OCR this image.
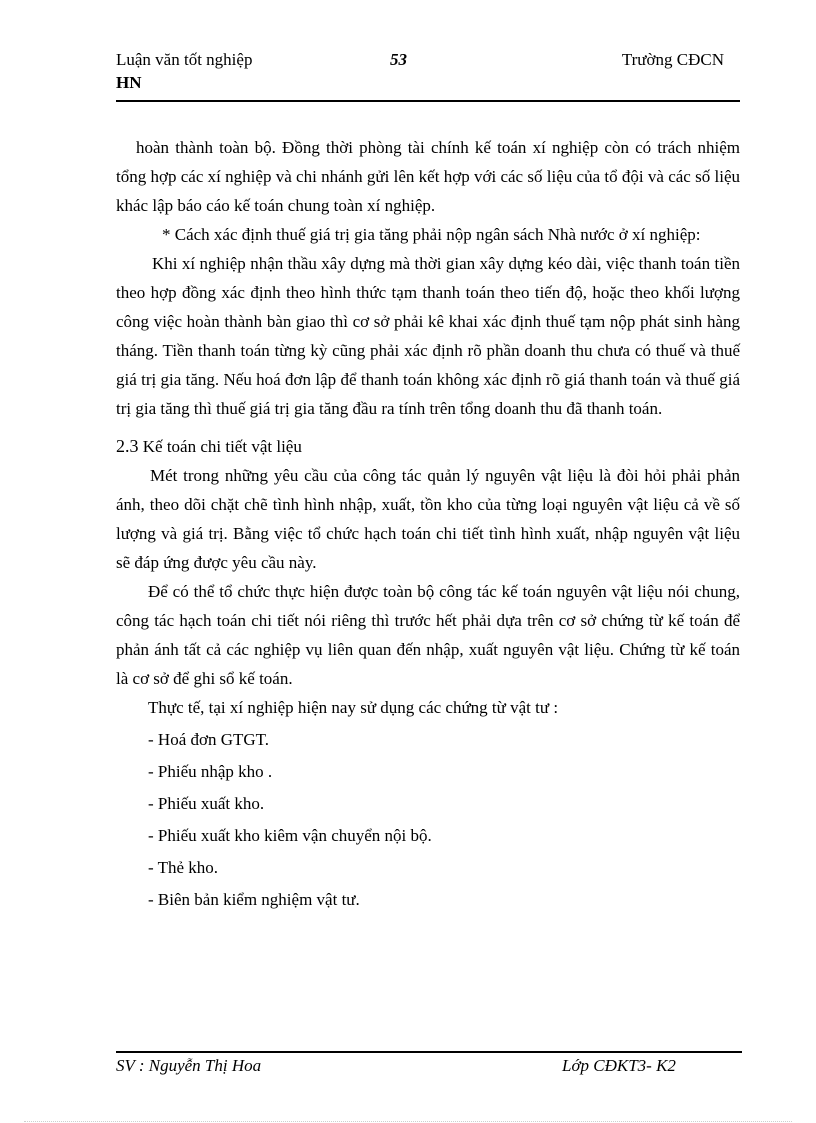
Luận văn tốt nghiệp
HN
53	Trường CĐCN

hoàn thành toàn bộ. Đồng thời phòng tài chính kế toán xí nghiệp còn có trách nhiệm tổng hợp các xí nghiệp và chi nhánh gửi lên kết hợp với các số liệu của tổ đội và các số liệu khác lập báo cáo kế toán chung toàn xí nghiệp.

* Cách xác định thuế giá trị gia tăng phải nộp ngân sách Nhà nước ở xí nghiệp:

Khi xí nghiệp nhận thầu xây dựng mà thời gian xây dựng kéo dài, việc thanh toán tiền theo hợp đồng xác định theo hình thức tạm thanh toán theo tiến độ, hoặc theo khối lượng công việc hoàn thành bàn giao thì cơ sở phải kê khai xác định thuế tạm nộp phát sinh hàng tháng. Tiền thanh toán từng kỳ cũng phải xác định rõ phần doanh thu chưa có thuế và thuế giá trị gia tăng. Nếu hoá đơn lập để thanh toán không xác định rõ giá thanh toán và thuế giá trị gia tăng thì thuế giá trị gia tăng đầu ra tính trên tổng doanh thu đã thanh toán.

2.3 Kế toán chi tiết vật liệu

Mét trong những yêu cầu của công tác quản lý nguyên vật liệu là đòi hỏi phải phản ánh, theo dõi chặt chẽ tình hình nhập, xuất, tồn kho của từng loại nguyên vật liệu cả về số lượng và giá trị. Bằng việc tổ chức hạch toán chi tiết tình hình xuất, nhập nguyên vật liệu sẽ đáp ứng được yêu cầu này.

Để có thể tổ chức thực hiện được toàn bộ công tác kế toán nguyên vật liệu nói chung, công tác hạch toán chi tiết nói riêng thì trước hết phải dựa trên cơ sở chứng từ kế toán để phản ánh tất cả các nghiệp vụ liên quan đến nhập, xuất nguyên vật liệu. Chứng từ kế toán là cơ sở để ghi sổ kế toán.

Thực tế, tại xí nghiệp hiện nay sử dụng các chứng từ vật tư :

- Hoá đơn GTGT.
- Phiếu nhập kho .
- Phiếu xuất kho.
- Phiếu xuất kho kiêm vận chuyển nội bộ.
- Thẻ kho.
- Biên bản kiểm nghiệm vật tư.
SV : Nguyễn Thị Hoa	Lớp CĐKT3- K2
